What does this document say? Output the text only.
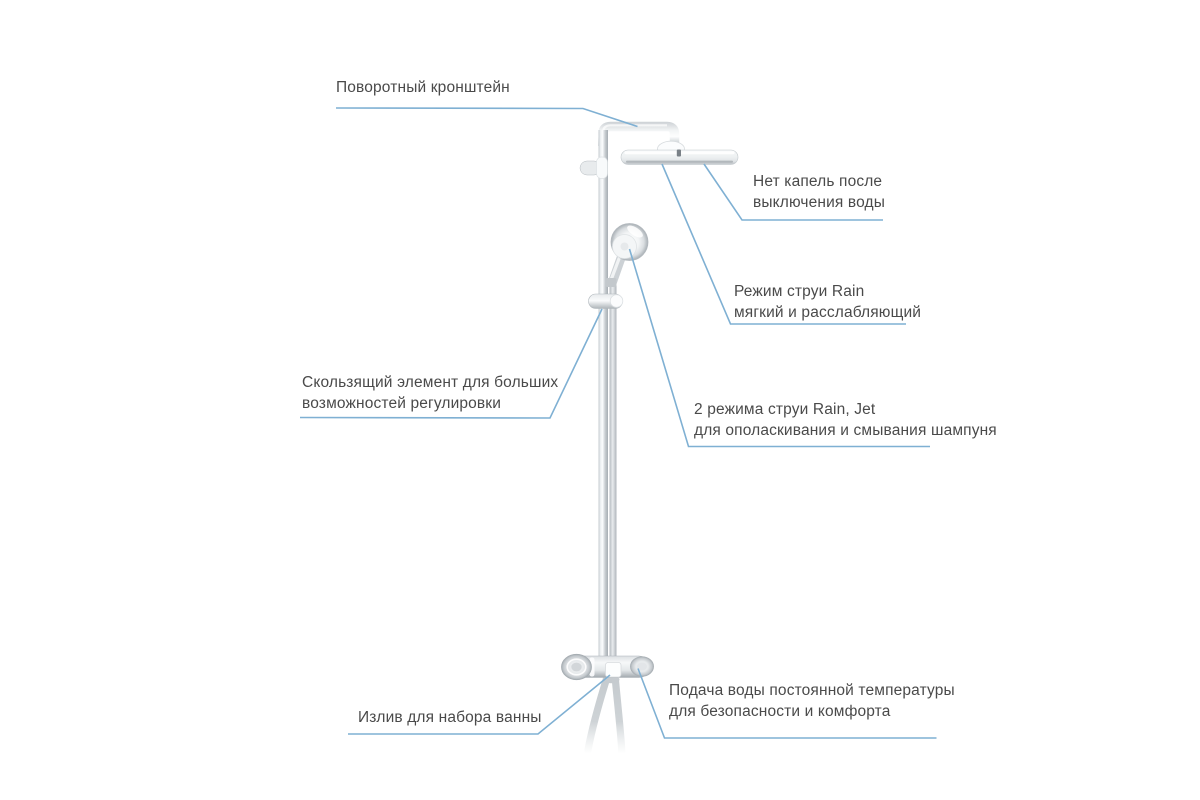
Поворотный кронштейн
Нет капель после
выключения воды
Режим струи Rain
мягкий и расслабляющий
Скользящий элемент для больших
возможностей регулировки	2 режима струи Rain, Jet
для ополаскивания и смывания шампуня
Излив для набора ванны
Подача воды постоянной температуры
для безопасности и комфорта
